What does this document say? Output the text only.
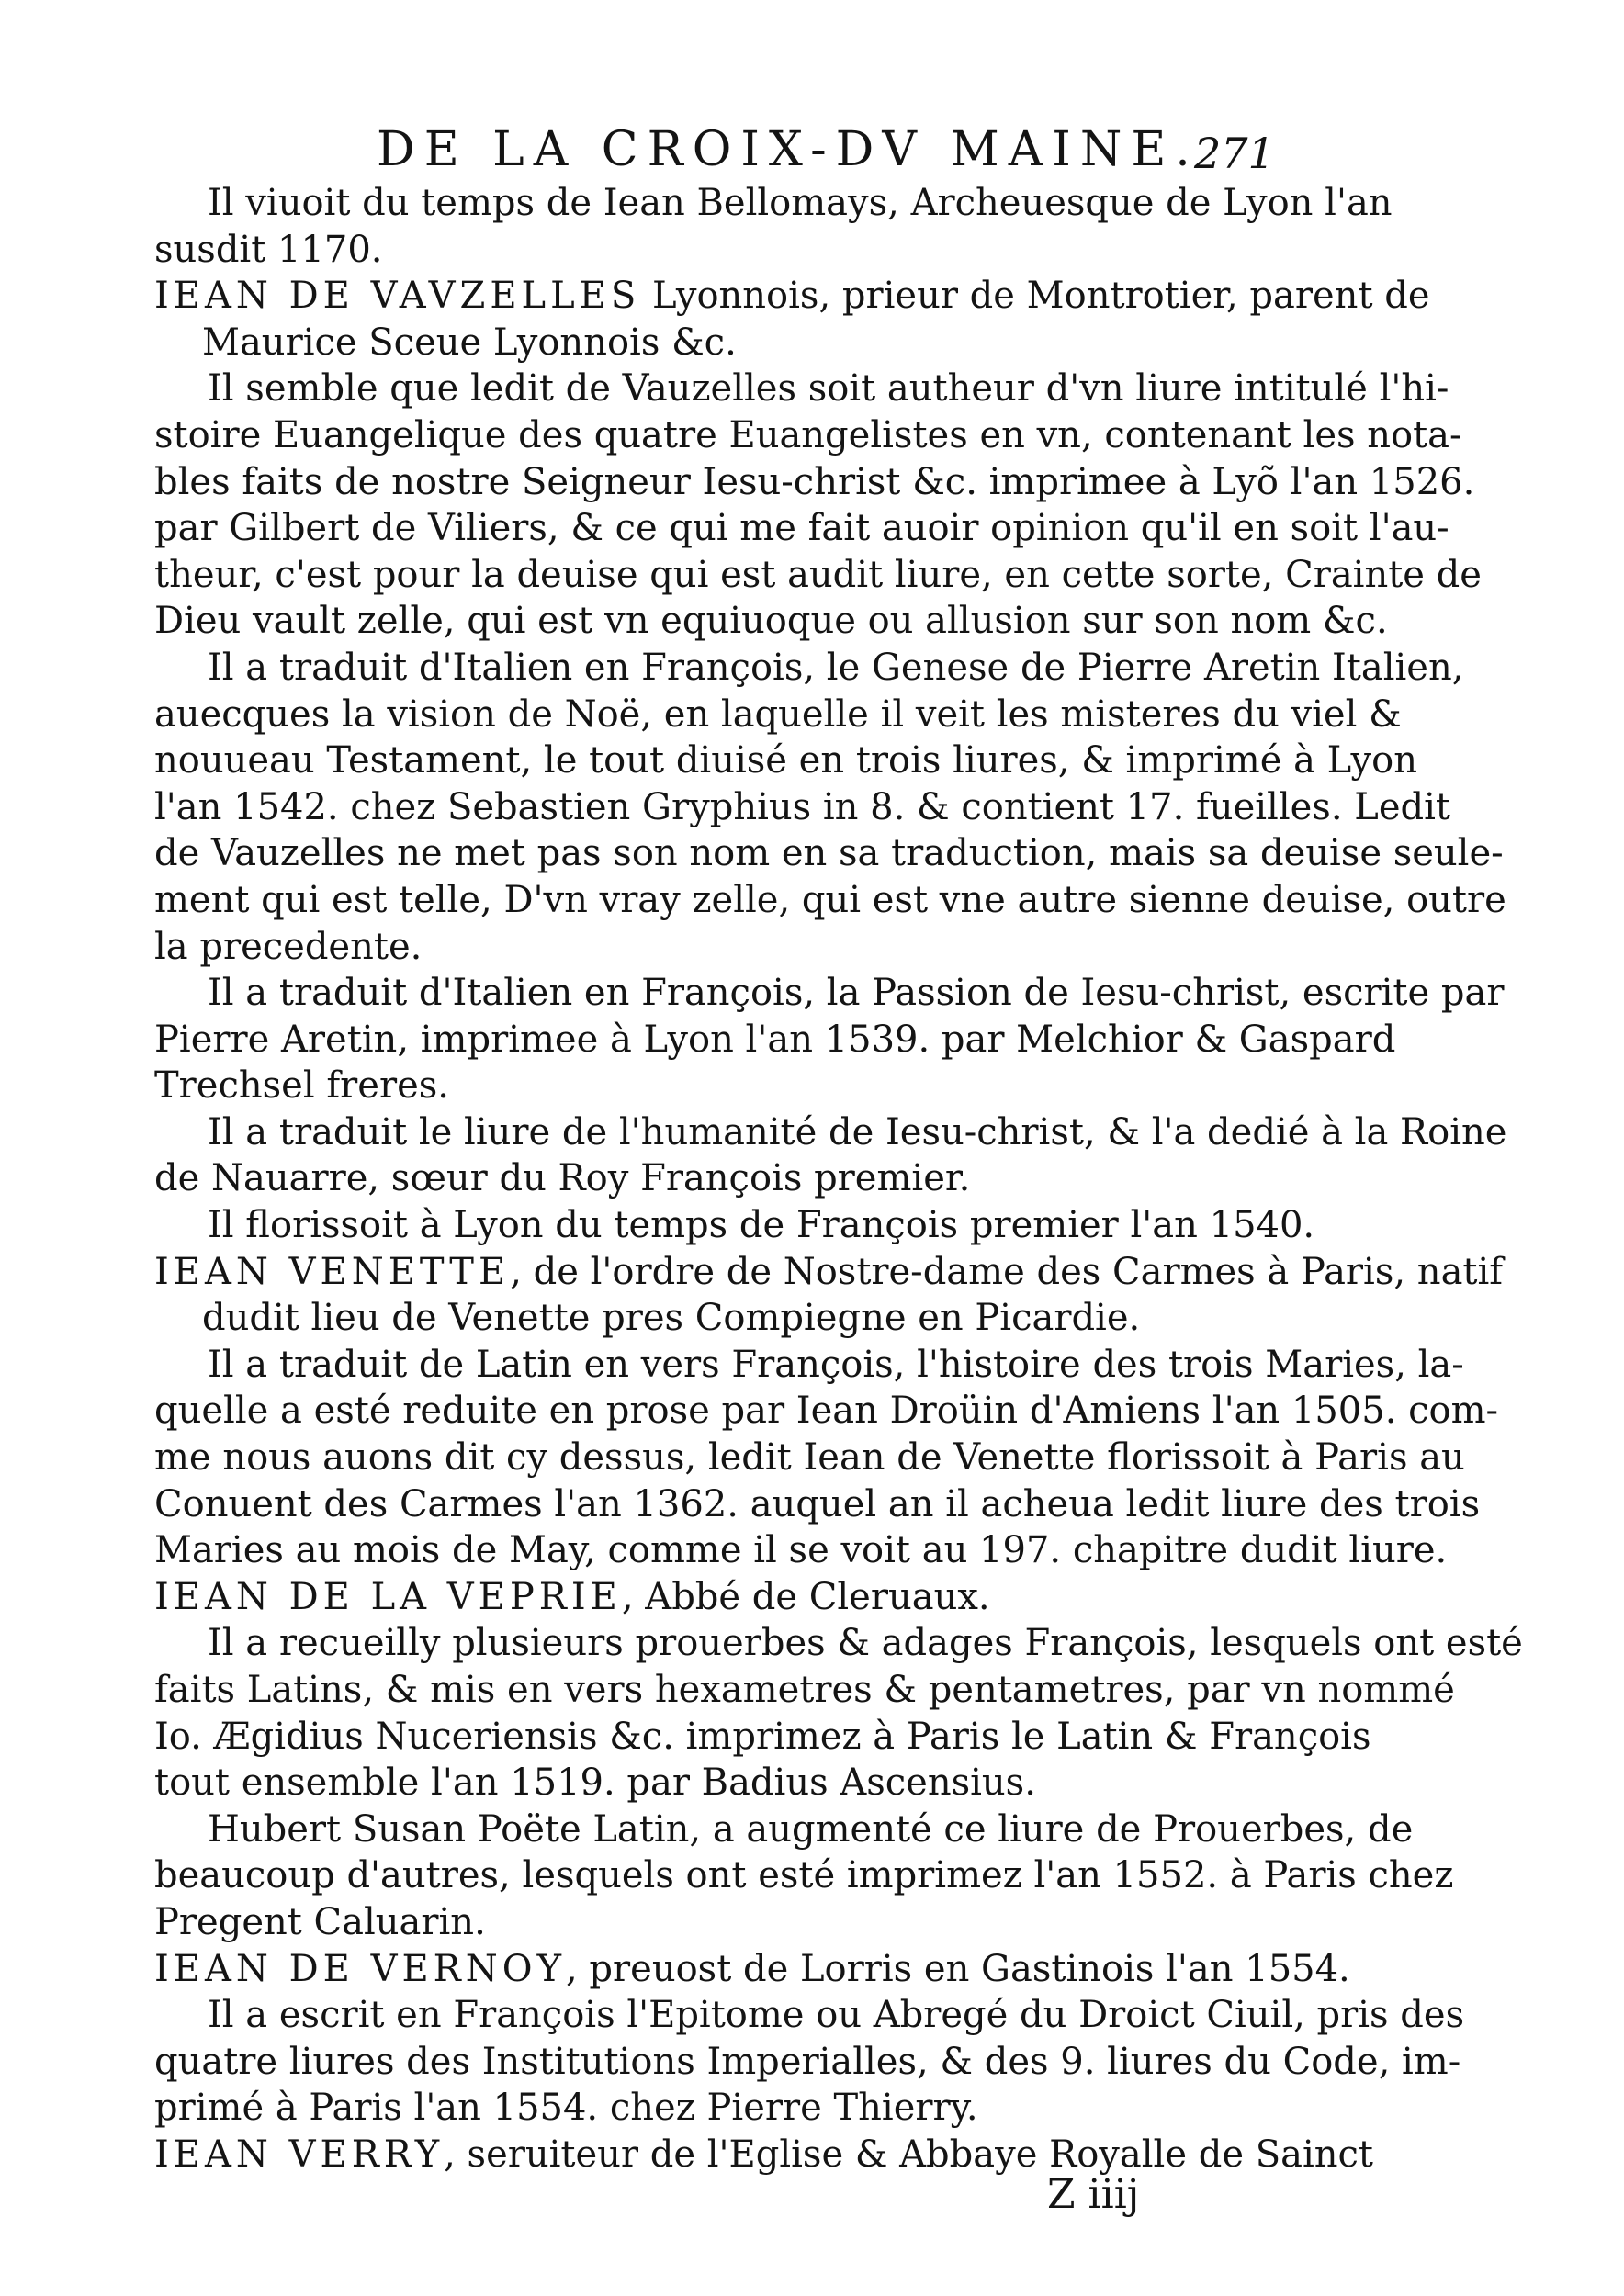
DE LA CROIX-DV MAINE.
271
Il viuoit du temps de Iean Bellomays, Archeuesque de Lyon l'an
susdit 1170.
IEAN DE VAVZELLES Lyonnois, prieur de Montrotier, parent de
Maurice Sceue Lyonnois &c.
Il semble que ledit de Vauzelles soit autheur d'vn liure intitulé l'hi-
stoire Euangelique des quatre Euangelistes en vn, contenant les nota-
bles faits de nostre Seigneur Iesu-christ &c. imprimee à Lyõ l'an 1526.
par Gilbert de Viliers, & ce qui me fait auoir opinion qu'il en soit l'au-
theur, c'est pour la deuise qui est audit liure, en cette sorte, Crainte de
Dieu vault zelle, qui est vn equiuoque ou allusion sur son nom &c.
Il a traduit d'Italien en François, le Genese de Pierre Aretin Italien,
auecques la vision de Noë, en laquelle il veit les misteres du viel &
nouueau Testament, le tout diuisé en trois liures, & imprimé à Lyon
l'an 1542. chez Sebastien Gryphius in 8. & contient 17. fueilles. Ledit
de Vauzelles ne met pas son nom en sa traduction, mais sa deuise seule-
ment qui est telle, D'vn vray zelle, qui est vne autre sienne deuise, outre
la precedente.
Il a traduit d'Italien en François, la Passion de Iesu-christ, escrite par
Pierre Aretin, imprimee à Lyon l'an 1539. par Melchior & Gaspard
Trechsel freres.
Il a traduit le liure de l'humanité de Iesu-christ, & l'a dedié à la Roine
de Nauarre, sœur du Roy François premier.
Il florissoit à Lyon du temps de François premier l'an 1540.
IEAN VENETTE, de l'ordre de Nostre-dame des Carmes à Paris, natif
dudit lieu de Venette pres Compiegne en Picardie.
Il a traduit de Latin en vers François, l'histoire des trois Maries, la-
quelle a esté reduite en prose par Iean Droüin d'Amiens l'an 1505. com-
me nous auons dit cy dessus, ledit Iean de Venette florissoit à Paris au
Conuent des Carmes l'an 1362. auquel an il acheua ledit liure des trois
Maries au mois de May, comme il se voit au 197. chapitre dudit liure.
IEAN DE LA VEPRIE, Abbé de Cleruaux.
Il a recueilly plusieurs prouerbes & adages François, lesquels ont esté
faits Latins, & mis en vers hexametres & pentametres, par vn nommé
Io. Ægidius Nuceriensis &c. imprimez à Paris le Latin & François
tout ensemble l'an 1519. par Badius Ascensius.
Hubert Susan Poëte Latin, a augmenté ce liure de Prouerbes, de
beaucoup d'autres, lesquels ont esté imprimez l'an 1552. à Paris chez
Pregent Caluarin.
IEAN DE VERNOY, preuost de Lorris en Gastinois l'an 1554.
Il a escrit en François l'Epitome ou Abregé du Droict Ciuil, pris des
quatre liures des Institutions Imperialles, & des 9. liures du Code, im-
primé à Paris l'an 1554. chez Pierre Thierry.
IEAN VERRY, seruiteur de l'Eglise & Abbaye Royalle de Sainct
Z iiij
